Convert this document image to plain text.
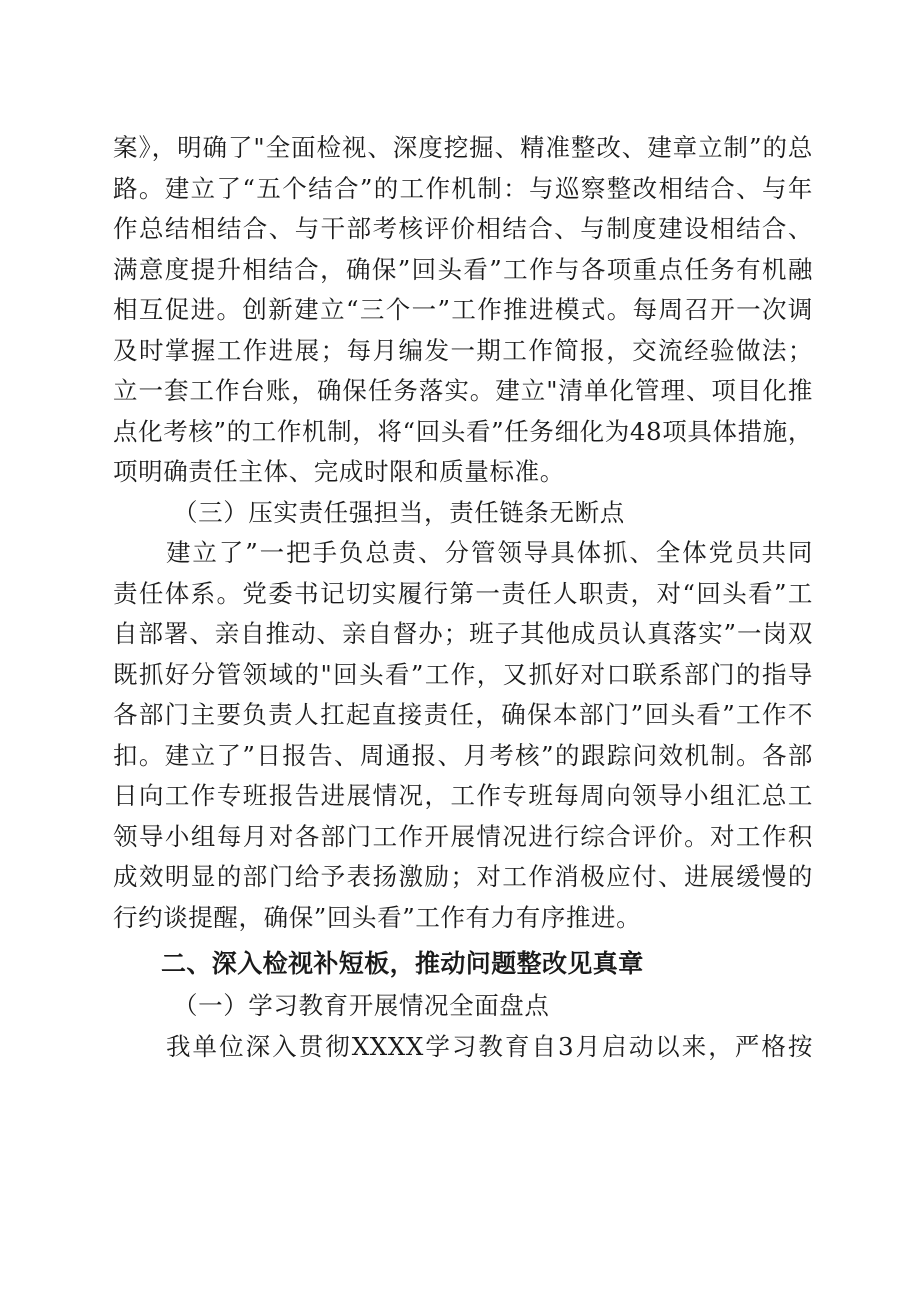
案》，明确了"全面检视、深度挖掘、精准整改、建章立制”的总
路。建立了“五个结合”的工作机制：与巡察整改相结合、与年
作总结相结合、与干部考核评价相结合、与制度建设相结合、
满意度提升相结合，确保”回头看”工作与各项重点任务有机融
相互促进。创新建立“三个一”工作推进模式。每周召开一次调
及时掌握工作进展；每月编发一期工作简报，交流经验做法；
立一套工作台账，确保任务落实。建立"清单化管理、项目化推
点化考核”的工作机制，将“回头看”任务细化为48项具体措施，
项明确责任主体、完成时限和质量标准。
（三）压实责任强担当，责任链条无断点
建立了”一把手负总责、分管领导具体抓、全体党员共同
责任体系。党委书记切实履行第一责任人职责，对“回头看”工
自部署、亲自推动、亲自督办；班子其他成员认真落实”一岗双
既抓好分管领域的"回头看”工作，又抓好对口联系部门的指导
各部门主要负责人扛起直接责任，确保本部门”回头看”工作不
扣。建立了”日报告、周通报、月考核”的跟踪问效机制。各部
日向工作专班报告进展情况，工作专班每周向领导小组汇总工
领导小组每月对各部门工作开展情况进行综合评价。对工作积
成效明显的部门给予表扬激励；对工作消极应付、进展缓慢的
行约谈提醒，确保”回头看”工作有力有序推进。
二、深入检视补短板，推动问题整改见真章
（一）学习教育开展情况全面盘点
我单位深入贯彻XXXX学习教育自3月启动以来，严格按
